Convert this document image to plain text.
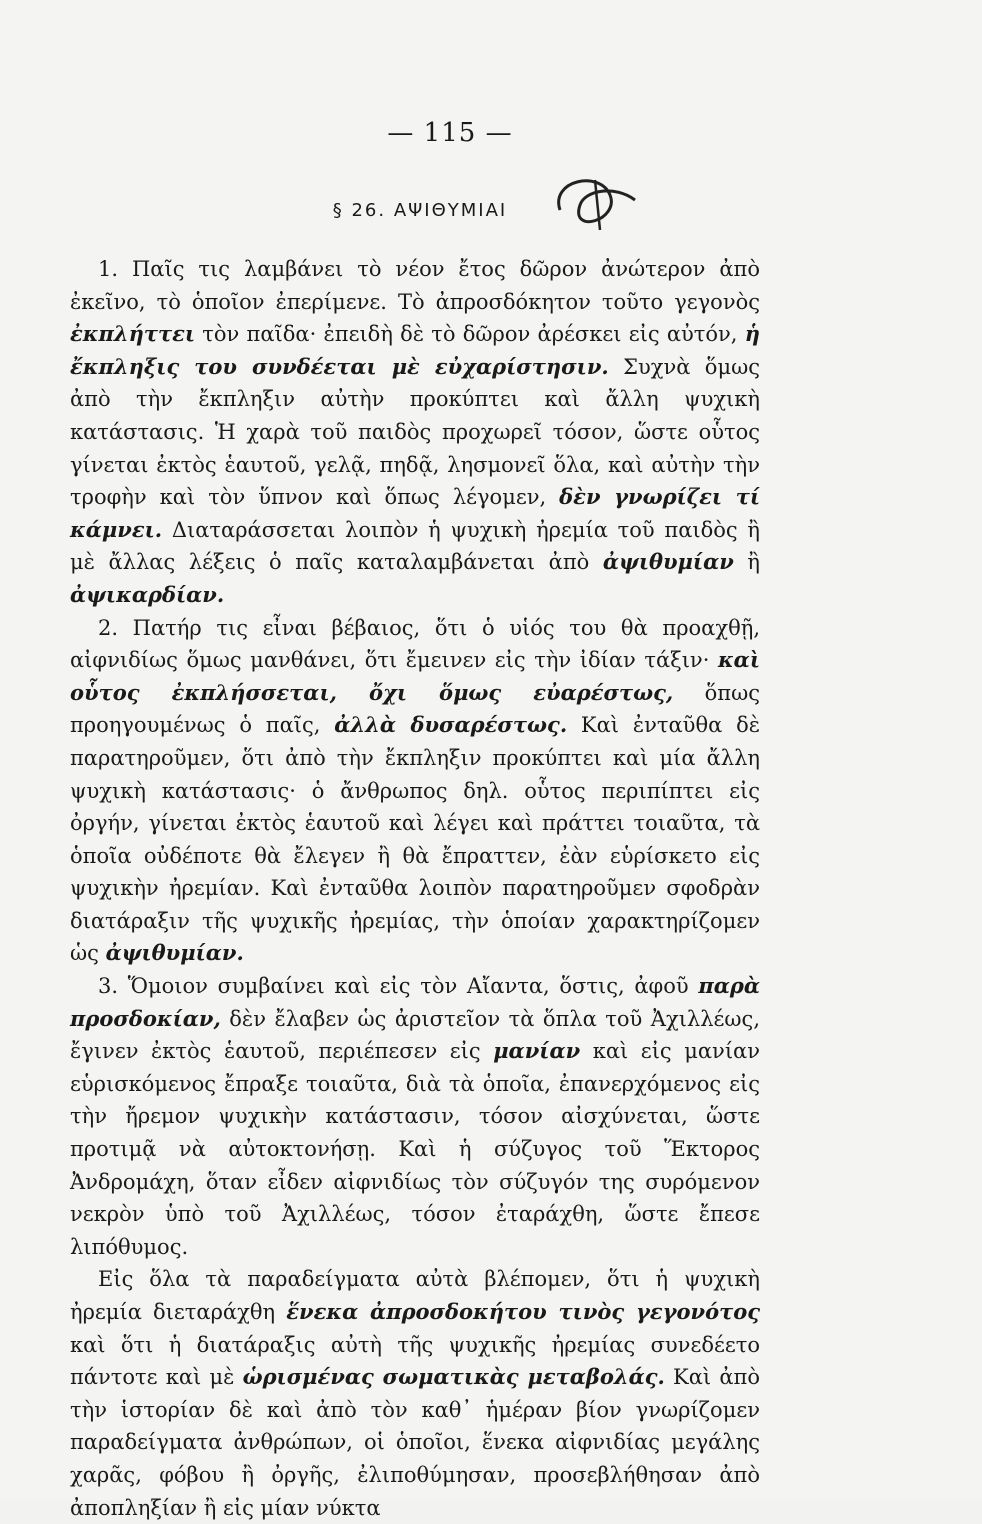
— 115 —
§ 26. ΑΨΙΘΥΜΙΑΙ

1. Παῖς τις λαμβάνει τὸ νέον ἔτος δῶρον ἀνώτερον ἀπὸ ἐκεῖνο, τὸ ὁποῖον ἐπερίμενε. Τὸ ἀπροσδόκητον τοῦτο γεγονὸς ἐκπλήττει τὸν παῖδα· ἐπειδὴ δὲ τὸ δῶρον ἀρέσκει εἰς αὐτόν, ἡ ἔκπληξις του συνδέεται μὲ εὐχαρίστησιν. Συχνὰ ὅμως ἀπὸ τὴν ἔκπληξιν αὐτὴν προκύπτει καὶ ἄλλη ψυχικὴ κατάστασις. Ἡ χαρὰ τοῦ παιδὸς προχωρεῖ τόσον, ὥστε οὗτος γίνεται ἐκτὸς ἑαυτοῦ, γελᾷ, πηδᾷ, λησμονεῖ ὅλα, καὶ αὐτὴν τὴν τροφὴν καὶ τὸν ὕπνον καὶ ὅπως λέγομεν, δὲν γνωρίζει τί κάμνει. Διαταράσσεται λοιπὸν ἡ ψυχικὴ ἠρεμία τοῦ παιδὸς ἢ μὲ ἄλλας λέξεις ὁ παῖς καταλαμβάνεται ἀπὸ ἀψιθυμίαν ἢ ἀψικαρδίαν.

2. Πατήρ τις εἶναι βέβαιος, ὅτι ὁ υἱός του θὰ προαχθῇ, αἰφνιδίως ὅμως μανθάνει, ὅτι ἔμεινεν εἰς τὴν ἰδίαν τάξιν· καὶ οὗτος ἐκπλήσσεται, ὄχι ὅμως εὐαρέστως, ὅπως προηγουμένως ὁ παῖς, ἀλλὰ δυσαρέστως. Καὶ ἐνταῦθα δὲ παρατηροῦμεν, ὅτι ἀπὸ τὴν ἔκπληξιν προκύπτει καὶ μία ἄλλη ψυχικὴ κατάστασις· ὁ ἄνθρωπος δηλ. οὗτος περιπίπτει εἰς ὀργήν, γίνεται ἐκτὸς ἑαυτοῦ καὶ λέγει καὶ πράττει τοιαῦτα, τὰ ὁποῖα οὐδέποτε θὰ ἔλεγεν ἢ θὰ ἔπραττεν, ἐὰν εὑρίσκετο εἰς ψυχικὴν ἠρεμίαν. Καὶ ἐνταῦθα λοιπὸν παρατηροῦμεν σφοδρὰν διατάραξιν τῆς ψυχικῆς ἠρεμίας, τὴν ὁποίαν χαρακτηρίζομεν ὡς ἀψιθυμίαν.

3. Ὅμοιον συμβαίνει καὶ εἰς τὸν Αἴαντα, ὅστις, ἀφοῦ παρὰ προσδοκίαν, δὲν ἔλαβεν ὡς ἀριστεῖον τὰ ὅπλα τοῦ Ἀχιλλέως, ἔγινεν ἐκτὸς ἑαυτοῦ, περιέπεσεν εἰς μανίαν καὶ εἰς μανίαν εὑρισκόμενος ἔπραξε τοιαῦτα, διὰ τὰ ὁποῖα, ἐπανερχόμενος εἰς τὴν ἤρεμον ψυχικὴν κατάστασιν, τόσον αἰσχύνεται, ὥστε προτιμᾷ νὰ αὐτοκτονήσῃ. Καὶ ἡ σύζυγος τοῦ Ἕκτορος Ἀνδρομάχη, ὅταν εἶδεν αἰφνιδίως τὸν σύζυγόν της συρόμενον νεκρὸν ὑπὸ τοῦ Ἀχιλλέως, τόσον ἐταράχθη, ὥστε ἔπεσε λιπόθυμος.

Εἰς ὅλα τὰ παραδείγματα αὐτὰ βλέπομεν, ὅτι ἡ ψυχικὴ ἠρεμία διεταράχθη ἕνεκα ἀπροσδοκήτου τινὸς γεγονότος καὶ ὅτι ἡ διατάραξις αὐτὴ τῆς ψυχικῆς ἠρεμίας συνεδέετο πάντοτε καὶ μὲ ὡρισμένας σωματικὰς μεταβολάς. Καὶ ἀπὸ τὴν ἱστορίαν δὲ καὶ ἀπὸ τὸν καθ᾽ ἡμέραν βίον γνωρίζομεν παραδείγματα ἀνθρώπων, οἱ ὁποῖοι, ἕνεκα αἰφνιδίας μεγάλης χαρᾶς, φόβου ἢ ὀργῆς, ἐλιποθύμησαν, προσεβλήθησαν ἀπὸ ἀποπληξίαν ἢ εἰς μίαν νύκτα
